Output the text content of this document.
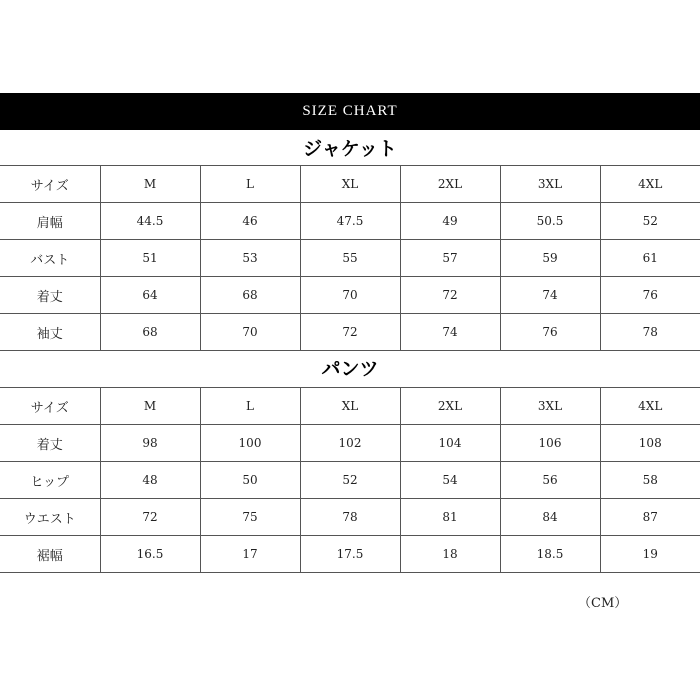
SIZE CHART
ジャケット
サイズ	M	L	XL	2XL	3XL	4XL
肩幅	44.5	46	47.5	49	50.5	52
バスト	51	53	55	57	59	61
着丈	64	68	70	72	74	76
袖丈	68	70	72	74	76	78
パンツ
サイズ	M	L	XL	2XL	3XL	4XL
着丈	98	100	102	104	106	108
ヒップ	48	50	52	54	56	58
ウエスト	72	75	78	81	84	87
裾幅	16.5	17	17.5	18	18.5	19
（CM）
